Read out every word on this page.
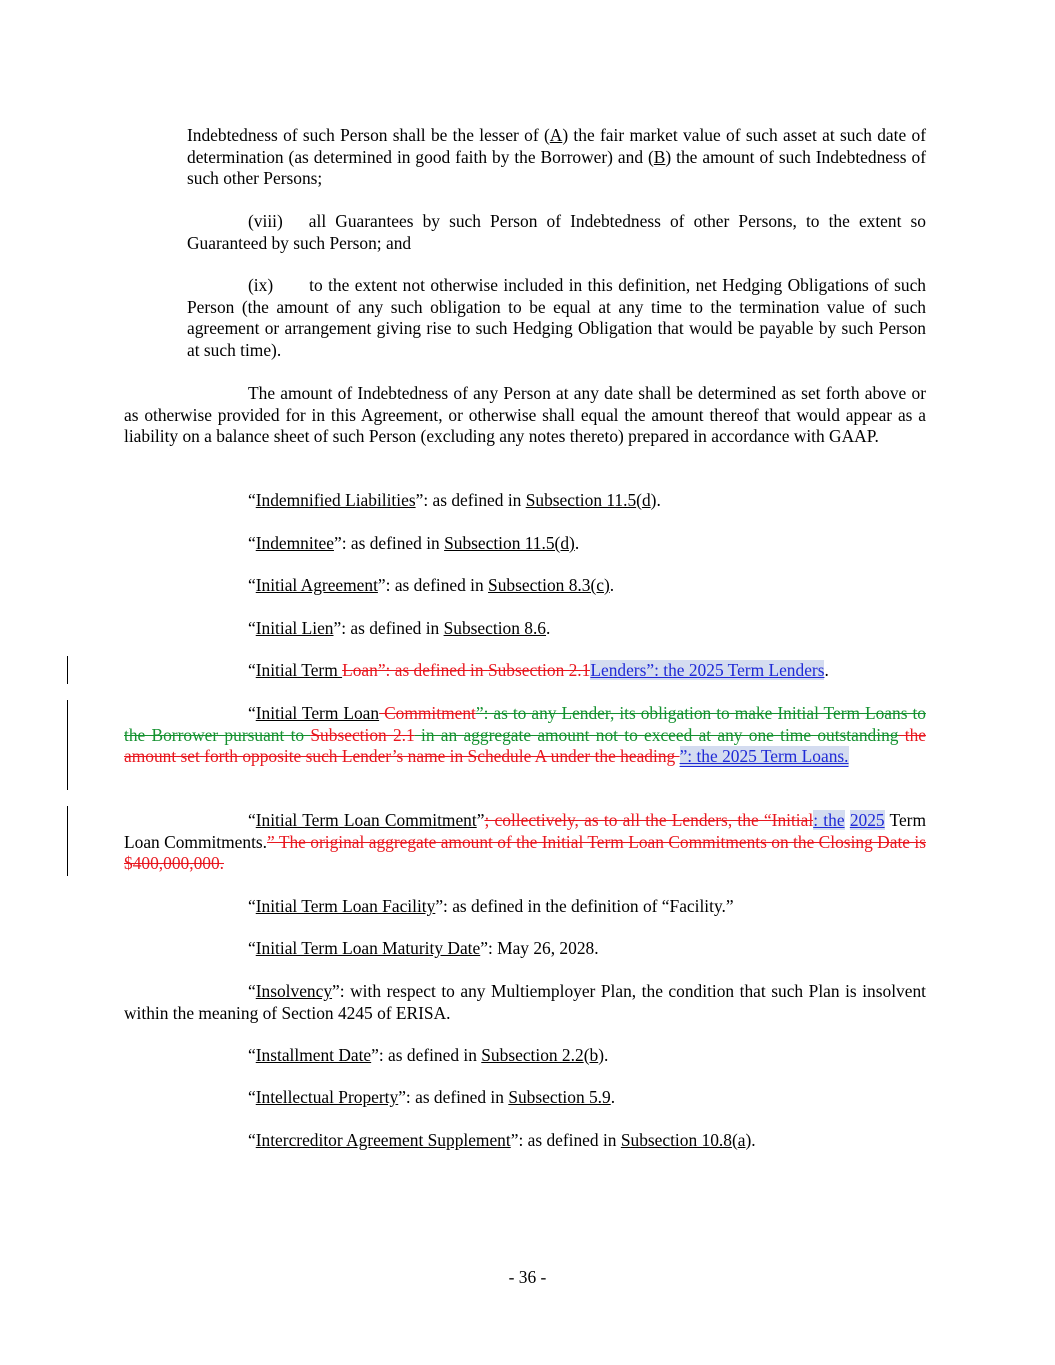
Indebtedness of such Person shall be the lesser of (A) the fair market value of such asset at such date of determination (as determined in good faith by the Borrower) and (B) the amount of such Indebtedness of such other Persons;

(viii) all Guarantees by such Person of Indebtedness of other Persons, to the extent so Guaranteed by such Person; and

(ix) to the extent not otherwise included in this definition, net Hedging Obligations of such Person (the amount of any such obligation to be equal at any time to the termination value of such agreement or arrangement giving rise to such Hedging Obligation that would be payable by such Person at such time).

The amount of Indebtedness of any Person at any date shall be determined as set forth above or as otherwise provided for in this Agreement, or otherwise shall equal the amount thereof that would appear as a liability on a balance sheet of such Person (excluding any notes thereto) prepared in accordance with GAAP.

“Indemnified Liabilities”: as defined in Subsection 11.5(d).

“Indemnitee”: as defined in Subsection 11.5(d).

“Initial Agreement”: as defined in Subsection 8.3(c).

“Initial Lien”: as defined in Subsection 8.6.

“Initial Term Loan”: as defined in Subsection 2.1Lenders”: the 2025 Term Lenders.

“Initial Term Loan Commitment”: as to any Lender, its obligation to make Initial Term Loans to the Borrower pursuant to Subsection 2.1 in an aggregate amount not to exceed at any one time outstanding the amount set forth opposite such Lender’s name in Schedule A under the heading ”: the 2025 Term Loans.

“Initial Term Loan Commitment”; collectively, as to all the Lenders, the “Initial: the 2025 Term Loan Commitments.” The original aggregate amount of the Initial Term Loan Commitments on the Closing Date is $400,000,000.

“Initial Term Loan Facility”: as defined in the definition of “Facility.”

“Initial Term Loan Maturity Date”: May 26, 2028.

“Insolvency”: with respect to any Multiemployer Plan, the condition that such Plan is insolvent within the meaning of Section 4245 of ERISA.

“Installment Date”: as defined in Subsection 2.2(b).

“Intellectual Property”: as defined in Subsection 5.9.

“Intercreditor Agreement Supplement”: as defined in Subsection 10.8(a).

- 36 -
